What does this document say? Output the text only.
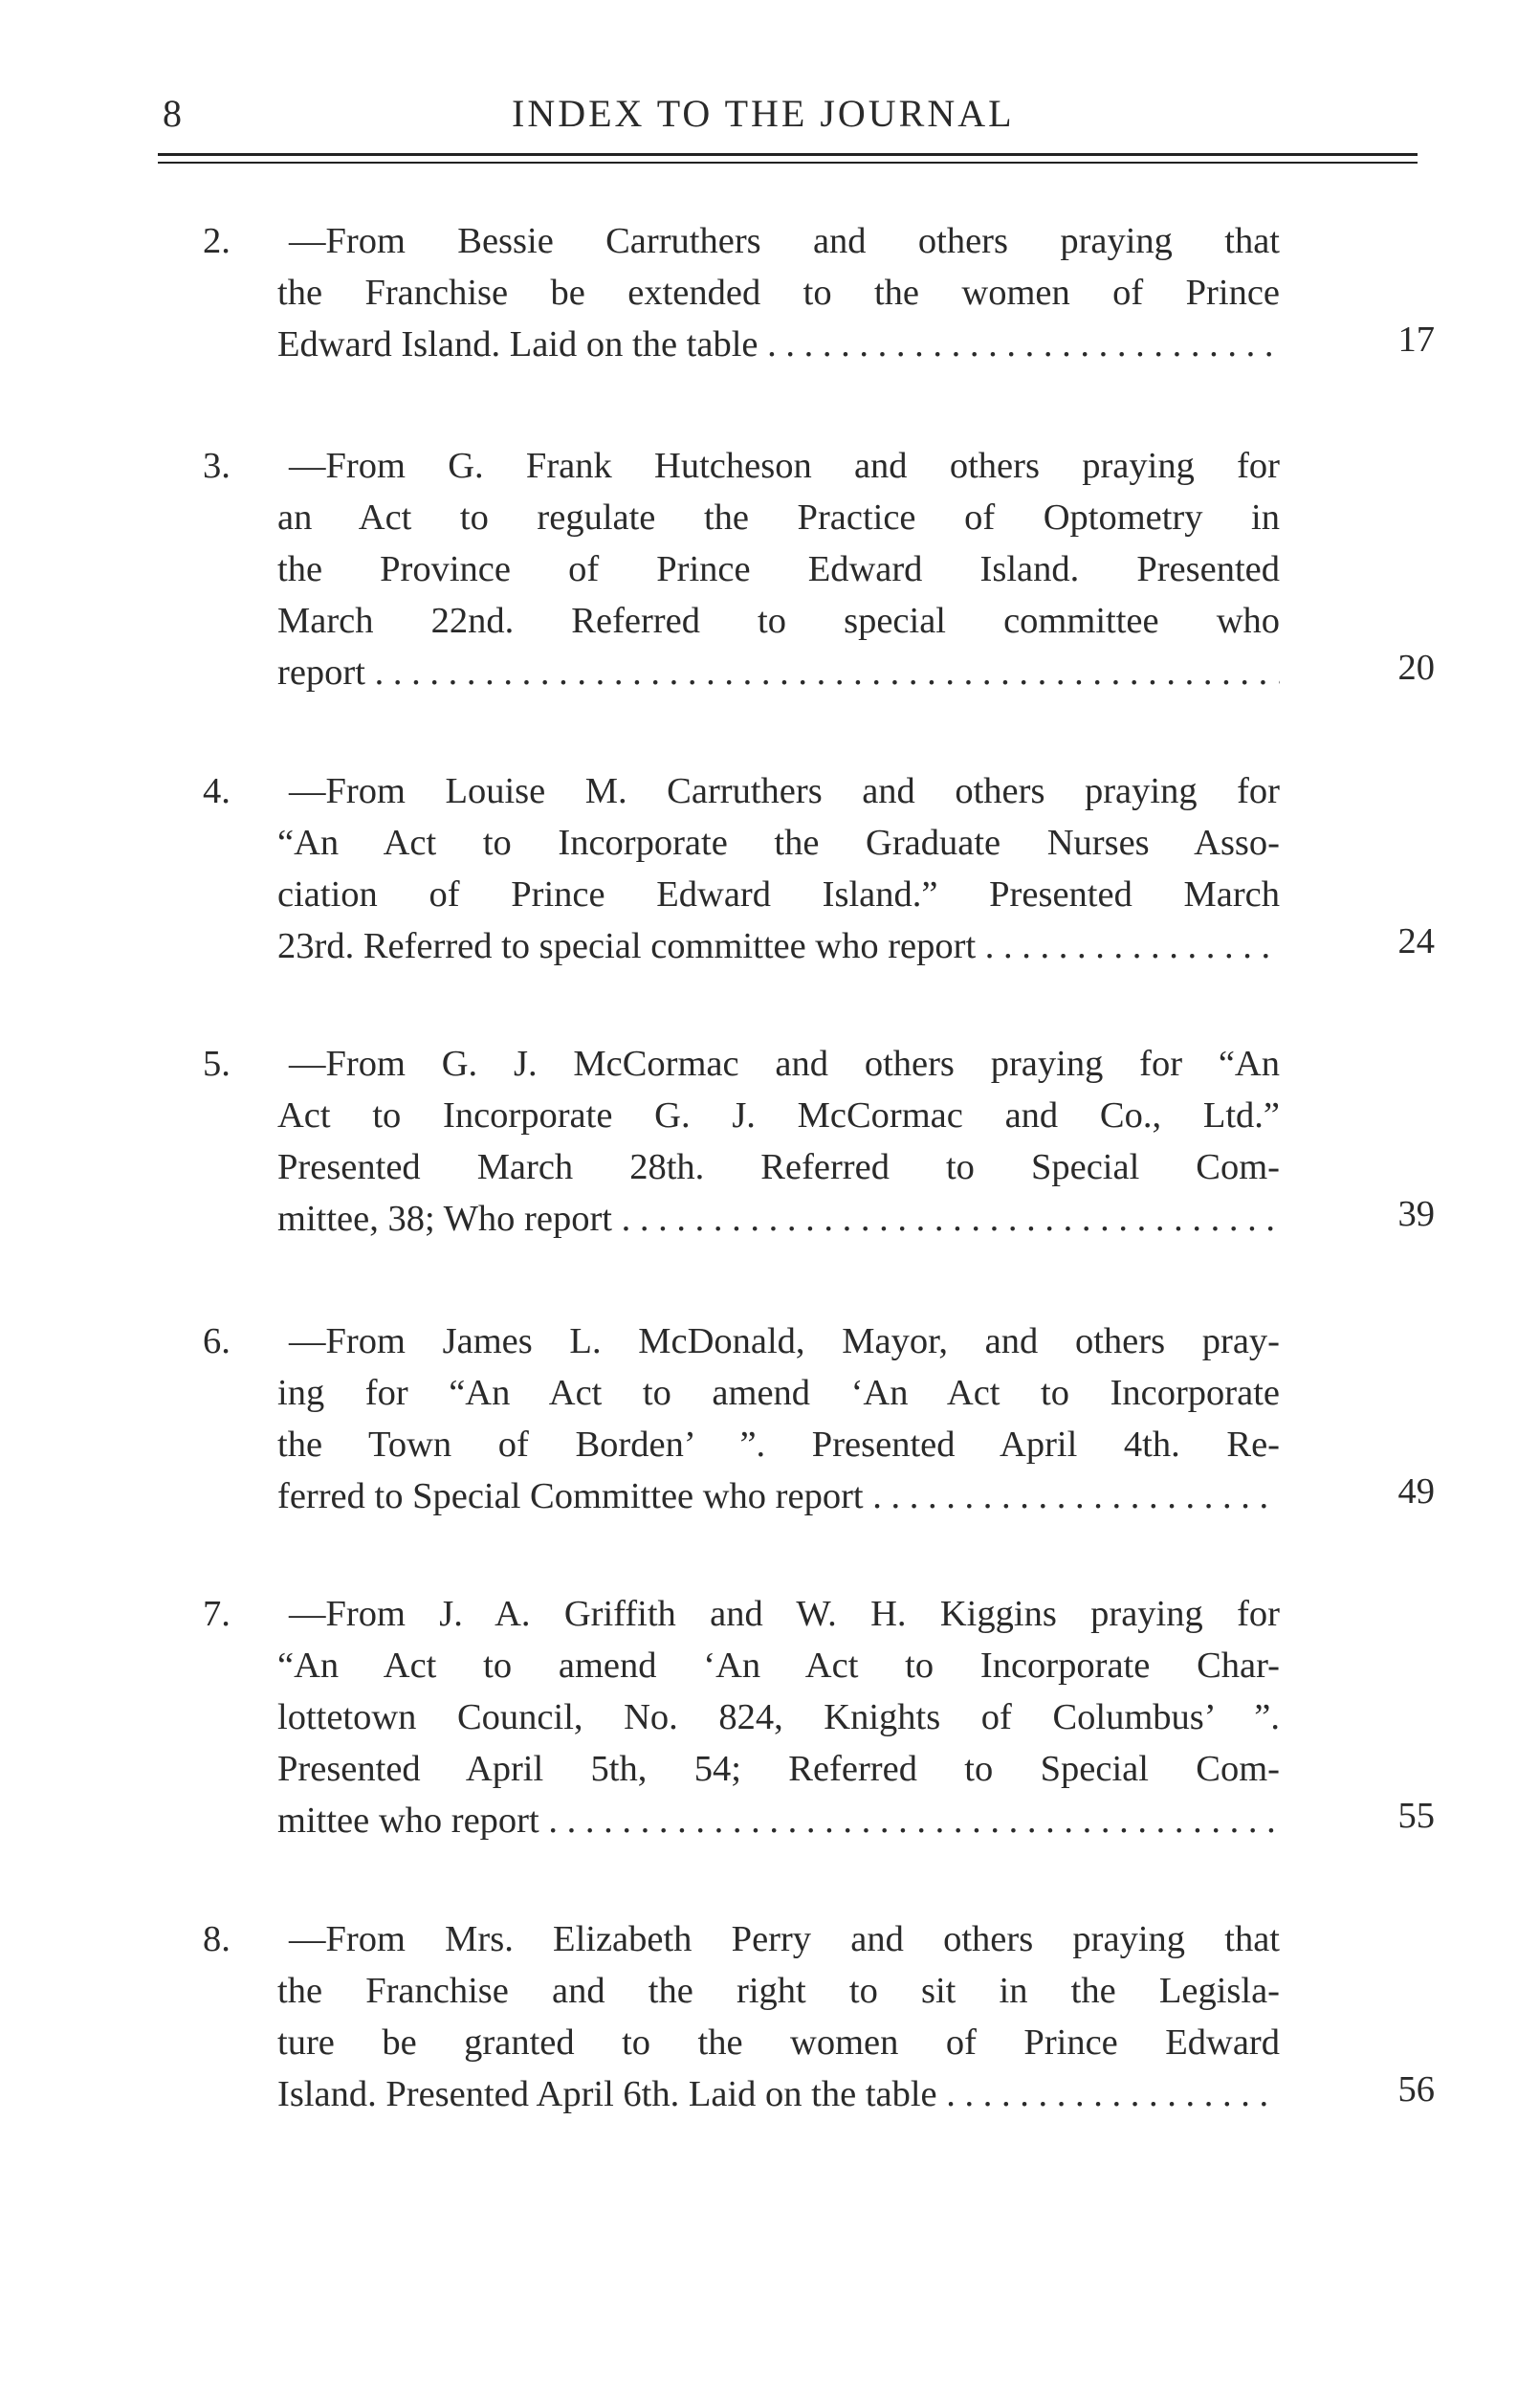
8	INDEX TO THE JOURNAL
2.	—From Bessie Carruthers and others praying that
the Franchise be extended to the women of Prince
Edward Island. Laid on the table . . .	17
3.	—From G. Frank Hutcheson and others praying for
an Act to regulate the Practice of Optometry in
the Province of Prince Edward Island. Presented
March 22nd. Referred to special committee who
report . . .	20
4.	—From Louise M. Carruthers and others praying for
“An Act to Incorporate the Graduate Nurses Asso-
ciation of Prince Edward Island.” Presented March
23rd. Referred to special committee who report . . .	24
5.	—From G. J. McCormac and others praying for “An
Act to Incorporate G. J. McCormac and Co., Ltd.”
Presented March 28th. Referred to Special Com-
mittee, 38; Who report . . .	39
6.	—From James L. McDonald, Mayor, and others pray-
ing for “An Act to amend ‘An Act to Incorporate
the Town of Borden’ ”. Presented April 4th. Re-
ferred to Special Committee who report . . .	49
7.	—From J. A. Griffith and W. H. Kiggins praying for
“An Act to amend ‘An Act to Incorporate Char-
lottetown Council, No. 824, Knights of Columbus’ ”.
Presented April 5th, 54; Referred to Special Com-
mittee who report . . .	55
8.	—From Mrs. Elizabeth Perry and others praying that
the Franchise and the right to sit in the Legisla-
ture be granted to the women of Prince Edward
Island. Presented April 6th. Laid on the table . . .	56
